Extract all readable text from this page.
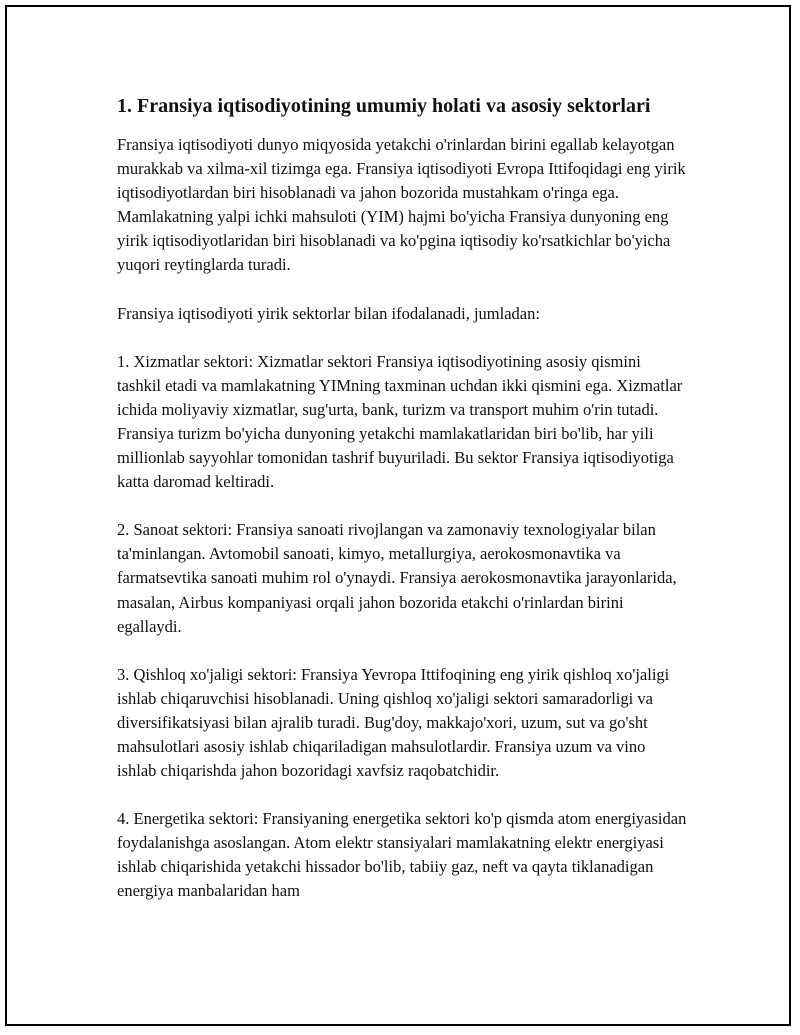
1. Fransiya iqtisodiyotining umumiy holati va asosiy sektorlari

Fransiya iqtisodiyoti dunyo miqyosida yetakchi o'rinlardan birini egallab kelayotgan murakkab va xilma-xil tizimga ega. Fransiya iqtisodiyoti Evropa Ittifoqidagi eng yirik iqtisodiyotlardan biri hisoblanadi va jahon bozorida mustahkam o'ringa ega. Mamlakatning yalpi ichki mahsuloti (YIM) hajmi bo'yicha Fransiya dunyoning eng yirik iqtisodiyotlaridan biri hisoblanadi va ko'pgina iqtisodiy ko'rsatkichlar bo'yicha yuqori reytinglarda turadi.

Fransiya iqtisodiyoti yirik sektorlar bilan ifodalanadi, jumladan:

1. Xizmatlar sektori: Xizmatlar sektori Fransiya iqtisodiyotining asosiy qismini tashkil etadi va mamlakatning YIMning taxminan uchdan ikki qismini ega. Xizmatlar ichida moliyaviy xizmatlar, sug'urta, bank, turizm va transport muhim o'rin tutadi. Fransiya turizm bo'yicha dunyoning yetakchi mamlakatlaridan biri bo'lib, har yili millionlab sayyohlar tomonidan tashrif buyuriladi. Bu sektor Fransiya iqtisodiyotiga katta daromad keltiradi.

2. Sanoat sektori: Fransiya sanoati rivojlangan va zamonaviy texnologiyalar bilan ta'minlangan. Avtomobil sanoati, kimyo, metallurgiya, aerokosmonavtika va farmatsevtika sanoati muhim rol o'ynaydi. Fransiya aerokosmonavtika jarayonlarida, masalan, Airbus kompaniyasi orqali jahon bozorida etakchi o'rinlardan birini egallaydi.

3. Qishloq xo'jaligi sektori: Fransiya Yevropa Ittifoqining eng yirik qishloq xo'jaligi ishlab chiqaruvchisi hisoblanadi. Uning qishloq xo'jaligi sektori samaradorligi va diversifikatsiyasi bilan ajralib turadi. Bug'doy, makkajo'xori, uzum, sut va go'sht mahsulotlari asosiy ishlab chiqariladigan mahsulotlardir. Fransiya uzum va vino ishlab chiqarishda jahon bozoridagi xavfsiz raqobatchidir.

4. Energetika sektori: Fransiyaning energetika sektori ko'p qismda atom energiyasidan foydalanishga asoslangan. Atom elektr stansiyalari mamlakatning elektr energiyasi ishlab chiqarishida yetakchi hissador bo'lib, tabiiy gaz, neft va qayta tiklanadigan energiya manbalaridan ham
